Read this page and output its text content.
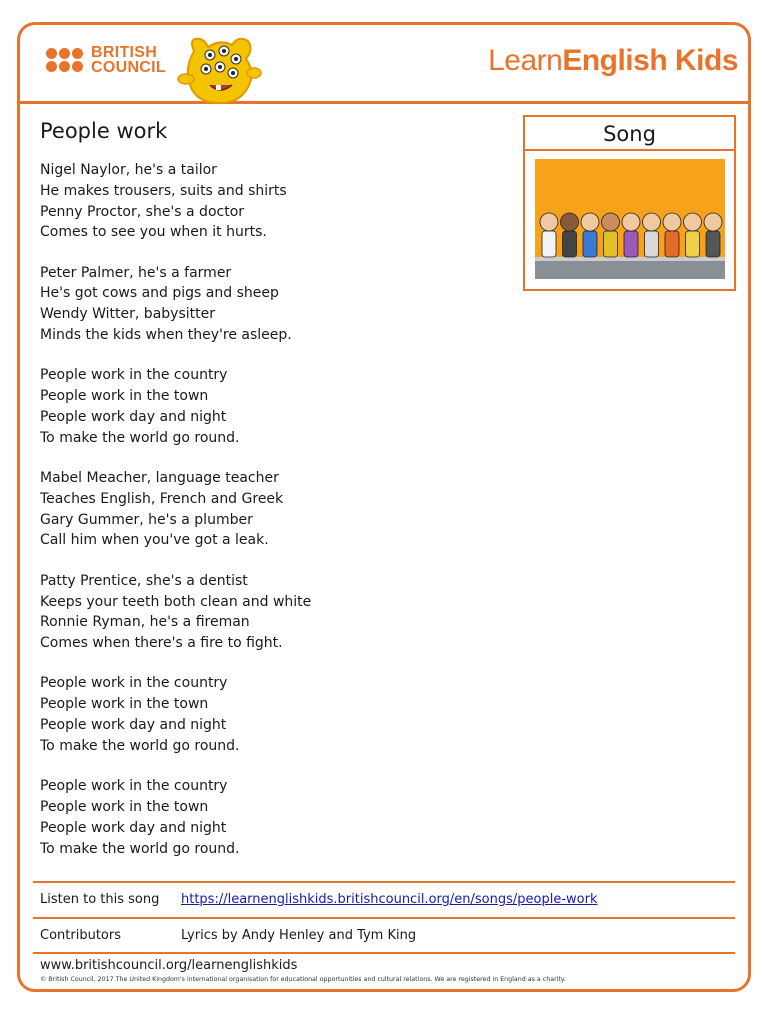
BRITISH
COUNCIL	LearnEnglish Kids
People work	Song
Nigel Naylor, he's a tailor
He makes trousers, suits and shirts
Penny Proctor, she's a doctor
Comes to see you when it hurts.
Peter Palmer, he's a farmer
He's got cows and pigs and sheep
Wendy Witter, babysitter
Minds the kids when they're asleep.
People work in the country
People work in the town
People work day and night
To make the world go round.
Mabel Meacher, language teacher
Teaches English, French and Greek
Gary Gummer, he's a plumber
Call him when you've got a leak.
Patty Prentice, she's a dentist
Keeps your teeth both clean and white
Ronnie Ryman, he's a fireman
Comes when there's a fire to fight.
People work in the country
People work in the town
People work day and night
To make the world go round.
People work in the country
People work in the town
People work day and night
To make the world go round.
Listen to this song https://learnenglishkids.britishcouncil.org/en/songs/people-work
Contributors	Lyrics by Andy Henley and Tym King
www.britishcouncil.org/learnenglishkids
© British Council, 2017 The United Kingdom's international organisation for educational opportunities and cultural relations. We are registered in England as a charity.
